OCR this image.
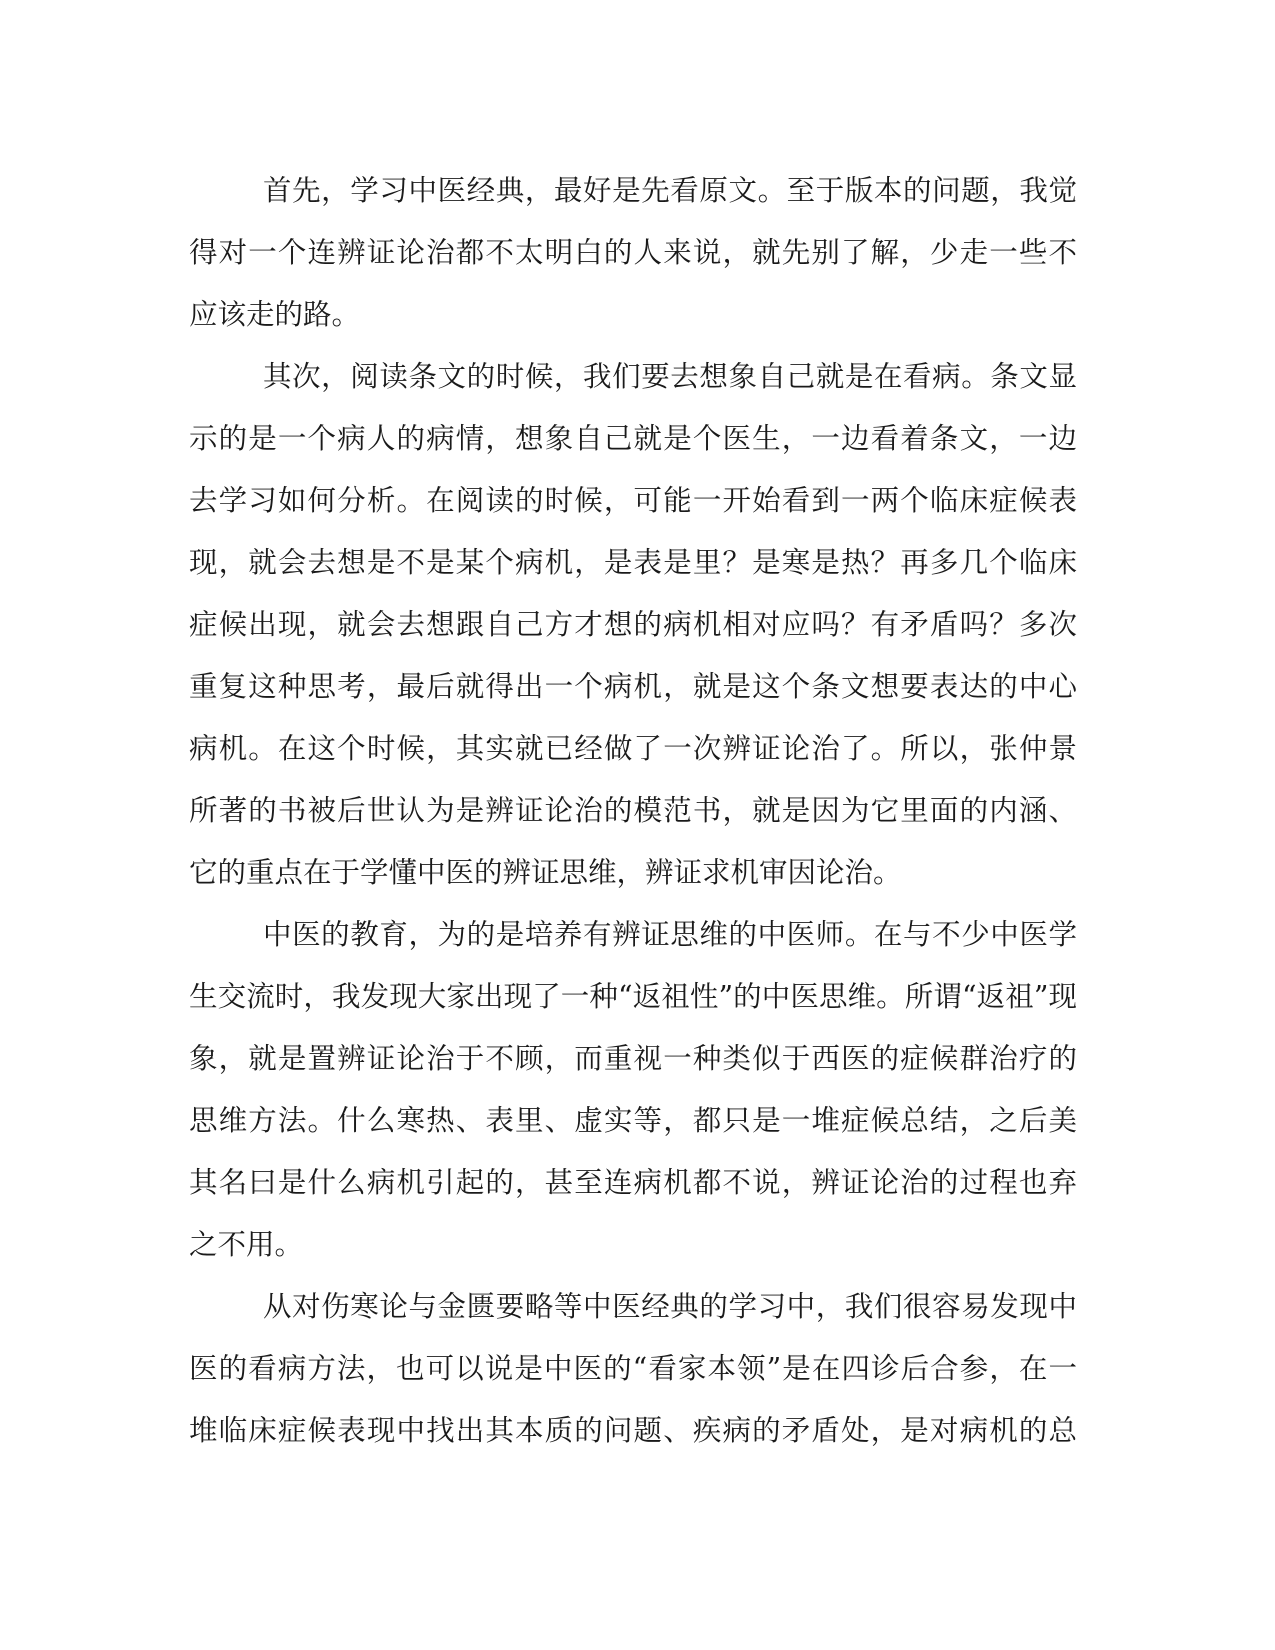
首先，学习中医经典，最好是先看原文。至于版本的问题，我觉
得对一个连辨证论治都不太明白的人来说，就先别了解，少走一些不
应该走的路。
其次，阅读条文的时候，我们要去想象自己就是在看病。条文显
示的是一个病人的病情，想象自己就是个医生，一边看着条文，一边
去学习如何分析。在阅读的时候，可能一开始看到一两个临床症候表
现，就会去想是不是某个病机，是表是里？是寒是热？再多几个临床
症候出现，就会去想跟自己方才想的病机相对应吗？有矛盾吗？多次
重复这种思考，最后就得出一个病机，就是这个条文想要表达的中心
病机。在这个时候，其实就已经做了一次辨证论治了。所以，张仲景
所著的书被后世认为是辨证论治的模范书，就是因为它里面的内涵、
它的重点在于学懂中医的辨证思维，辨证求机审因论治。
中医的教育，为的是培养有辨证思维的中医师。在与不少中医学
生交流时，我发现大家出现了一种“返祖性”的中医思维。所谓“返祖”现
象，就是置辨证论治于不顾，而重视一种类似于西医的症候群治疗的
思维方法。什么寒热、表里、虚实等，都只是一堆症候总结，之后美
其名曰是什么病机引起的，甚至连病机都不说，辨证论治的过程也弃
之不用。
从对伤寒论与金匮要略等中医经典的学习中，我们很容易发现中
医的看病方法，也可以说是中医的“看家本领”是在四诊后合参，在一
堆临床症候表现中找出其本质的问题、疾病的矛盾处，是对病机的总
